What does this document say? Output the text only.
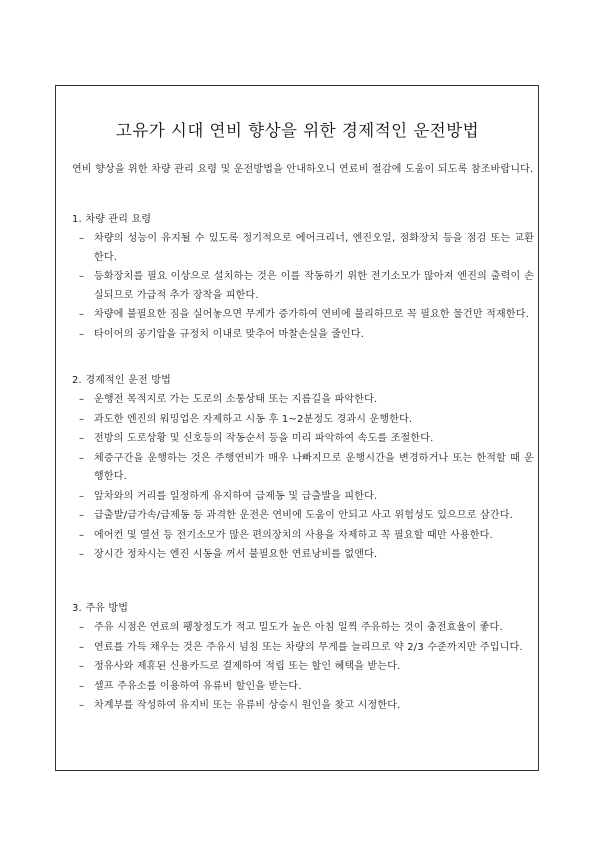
고유가 시대 연비 향상을 위한 경제적인 운전방법
연비 향상을 위한 차량 관리 요령 및 운전방법을 안내하오니 연료비 절감에 도움이 되도록 참조바랍니다.
1. 차량 관리 요령
– 차량의 성능이 유지될 수 있도록 정기적으로 에어크리너, 엔진오일, 점화장치 등을 점검 또는 교환한다.
– 등화장치를 필요 이상으로 설치하는 것은 이를 작동하기 위한 전기소모가 많아져 엔진의 출력이 손실되므로 가급적 추가 장착을 피한다.
– 차량에 불필요한 짐을 실어놓으면 무게가 증가하여 연비에 불리하므로 꼭 필요한 물건만 적재한다.
– 타이어의 공기압을 규정치 이내로 맞추어 마찰손실을 줄인다.
2. 경제적인 운전 방법
– 운행전 목적지로 가는 도로의 소통상태 또는 지름길을 파악한다.
– 과도한 엔진의 워밍업은 자제하고 시동 후 1~2분정도 경과시 운행한다.
– 전방의 도로상황 및 신호등의 작동순서 등을 미리 파악하여 속도를 조절한다.
– 체증구간을 운행하는 것은 주행연비가 매우 나빠지므로 운행시간을 변경하거나 또는 한적할 때 운행한다.
– 앞차와의 거리를 일정하게 유지하여 급제동 및 급출발을 피한다.
– 급출발/급가속/급제동 등 과격한 운전은 연비에 도움이 안되고 사고 위험성도 있으므로 삼간다.
– 에어컨 및 열선 등 전기소모가 많은 편의장치의 사용을 자제하고 꼭 필요할 때만 사용한다.
– 장시간 정차시는 엔진 시동을 꺼서 불필요한 연료낭비를 없앤다.
3. 주유 방법
– 주유 시점은 연료의 팽창정도가 적고 밀도가 높은 아침 일찍 주유하는 것이 충전효율이 좋다.
– 연료를 가득 채우는 것은 주유시 넘침 또는 차량의 무게를 늘리므로 약 2/3 수준까지만 주입니다.
– 정유사와 제휴된 신용카드로 결제하여 적립 또는 할인 혜택을 받는다.
– 셀프 주유소를 이용하여 유류비 할인을 받는다.
– 차계부를 작성하여 유지비 또는 유류비 상승시 원인을 찾고 시정한다.
